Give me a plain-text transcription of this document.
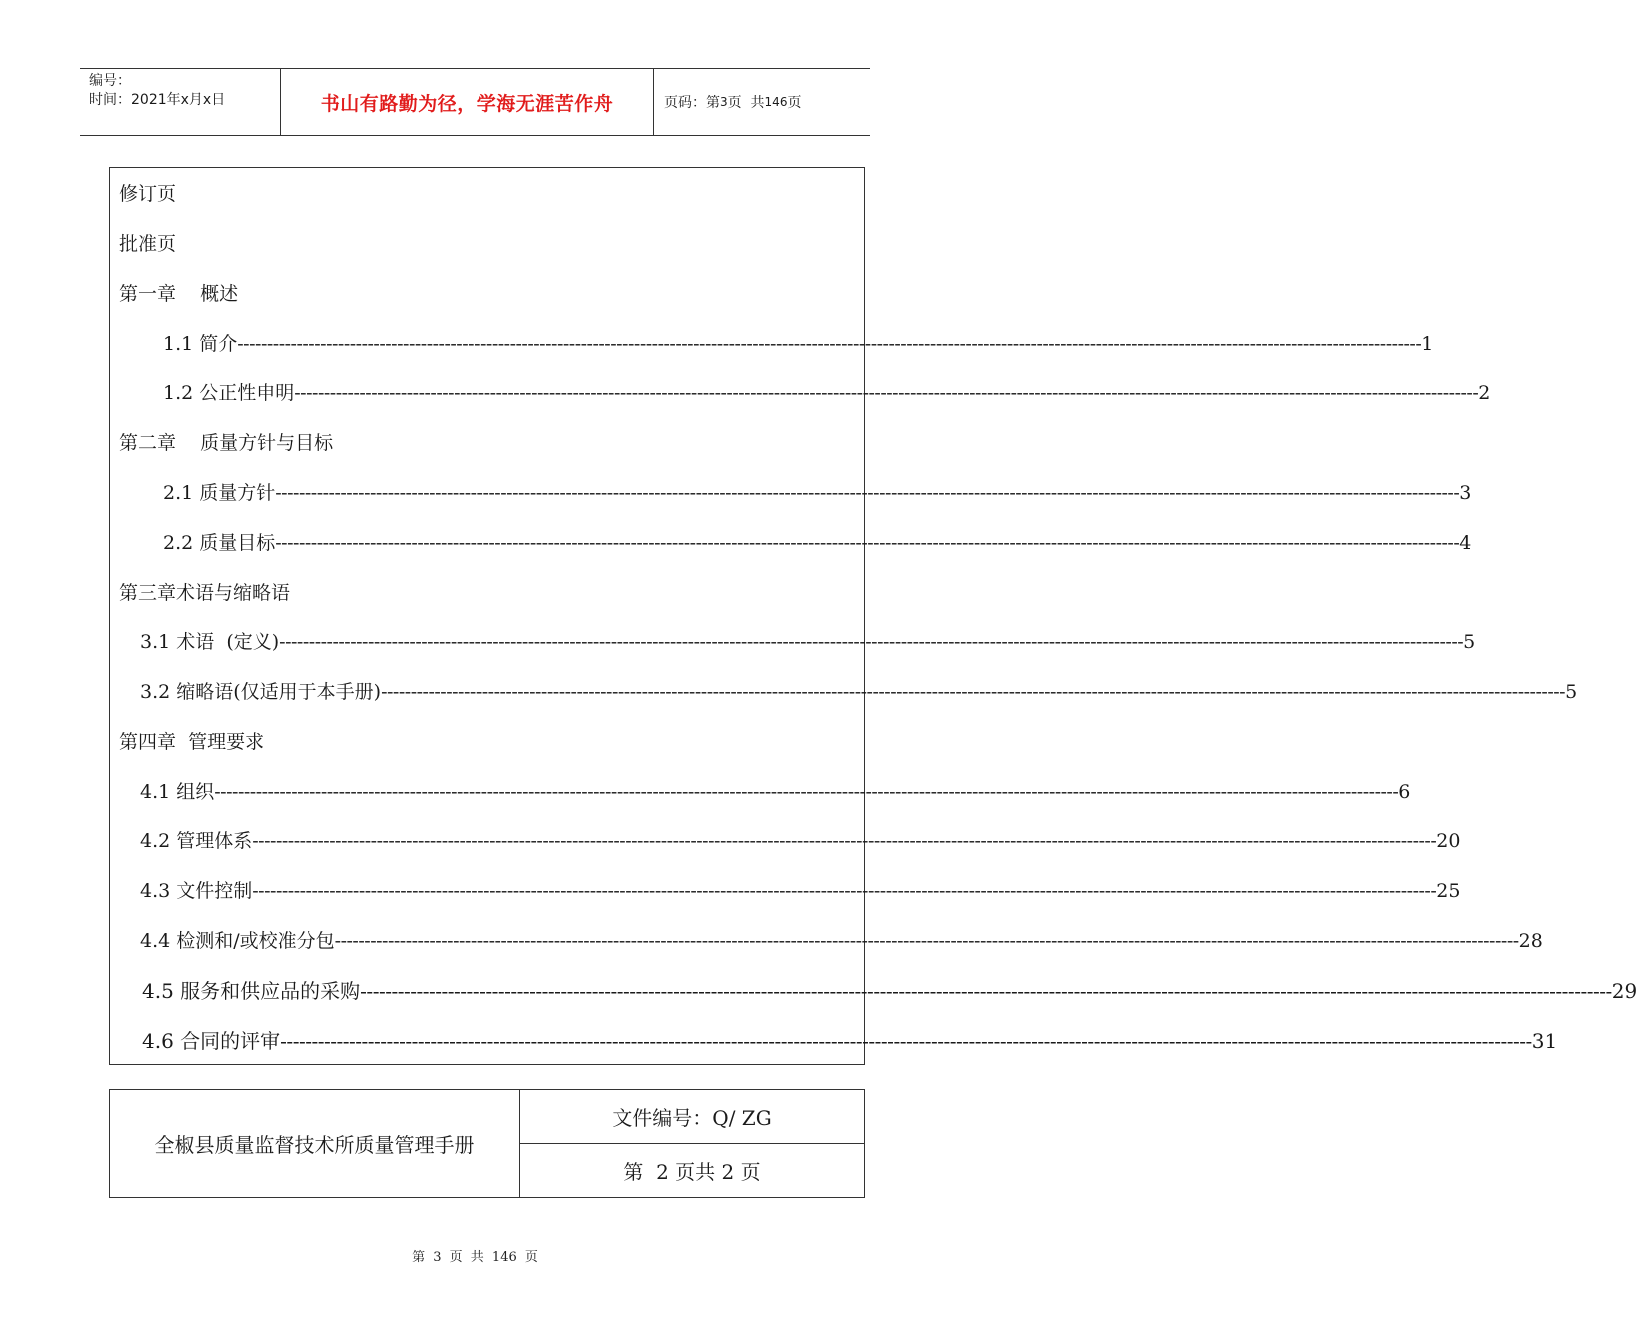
编号：
时间：2021年x月x日	书山有路勤为径，学海无涯苦作舟	页码：第 3 页  共 146 页
修订页
批准页
第一章    概述
1.1 简介 -------------------------------------------------------------------------------------------------------------------------------------------------------------------------------------------------------- 1
1.2 公正性申明 -------------------------------------------------------------------------------------------------------------------------------------------------------------------------------------------------------- 2
第二章    质量方针与目标
2.1 质量方针 -------------------------------------------------------------------------------------------------------------------------------------------------------------------------------------------------------- 3
2.2 质量目标 -------------------------------------------------------------------------------------------------------------------------------------------------------------------------------------------------------- 4
第三章术语与缩略语
3.1 术语  (定义) -------------------------------------------------------------------------------------------------------------------------------------------------------------------------------------------------------- 5
3.2 缩略语(仅适用于本手册) -------------------------------------------------------------------------------------------------------------------------------------------------------------------------------------------------------- 5
第四章  管理要求
4.1 组织 -------------------------------------------------------------------------------------------------------------------------------------------------------------------------------------------------------- 6
4.2 管理体系 -------------------------------------------------------------------------------------------------------------------------------------------------------------------------------------------------------- 20
4.3 文件控制 -------------------------------------------------------------------------------------------------------------------------------------------------------------------------------------------------------- 25
4.4 检测和/或校准分包 -------------------------------------------------------------------------------------------------------------------------------------------------------------------------------------------------------- 28
4.5 服务和供应品的采购 -------------------------------------------------------------------------------------------------------------------------------------------------------------------------------------------------------- 29
4.6 合同的评审 -------------------------------------------------------------------------------------------------------------------------------------------------------------------------------------------------------- 31
全椒县质量监督技术所质量管理手册
文件编号：Q/ ZG
第  2 页共 2 页
第 3 页 共 146 页
